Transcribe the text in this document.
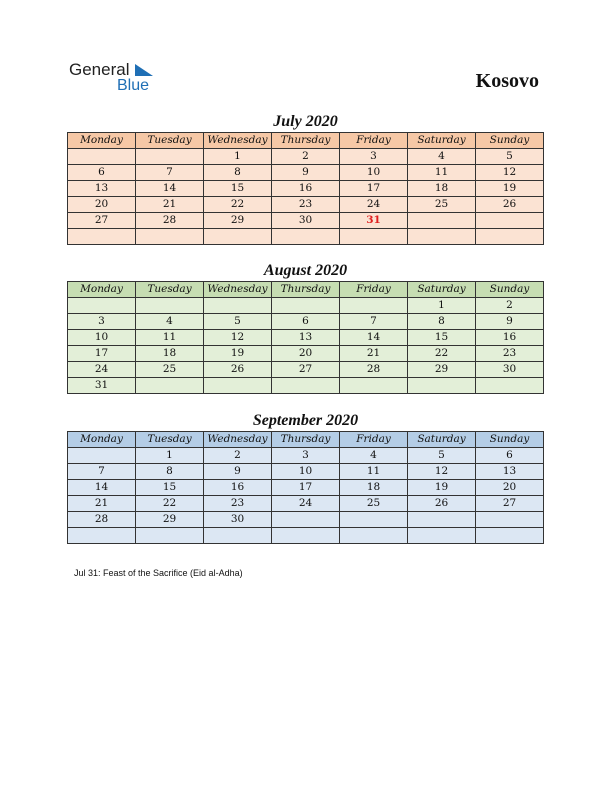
General
Blue	Kosovo
July 2020
Monday	Tuesday	Wednesday	Thursday	Friday	Saturday	Sunday
		1	2	3	4	5
6	7	8	9	10	11	12
13	14	15	16	17	18	19
20	21	22	23	24	25	26
27	28	29	30	31		

August 2020
Monday	Tuesday	Wednesday	Thursday	Friday	Saturday	Sunday
					1	2
3	4	5	6	7	8	9
10	11	12	13	14	15	16
17	18	19	20	21	22	23
24	25	26	27	28	29	30
31						
September 2020
Monday	Tuesday	Wednesday	Thursday	Friday	Saturday	Sunday
	1	2	3	4	5	6
7	8	9	10	11	12	13
14	15	16	17	18	19	20
21	22	23	24	25	26	27
28	29	30				

Jul 31: Feast of the Sacrifice (Eid al-Adha)
